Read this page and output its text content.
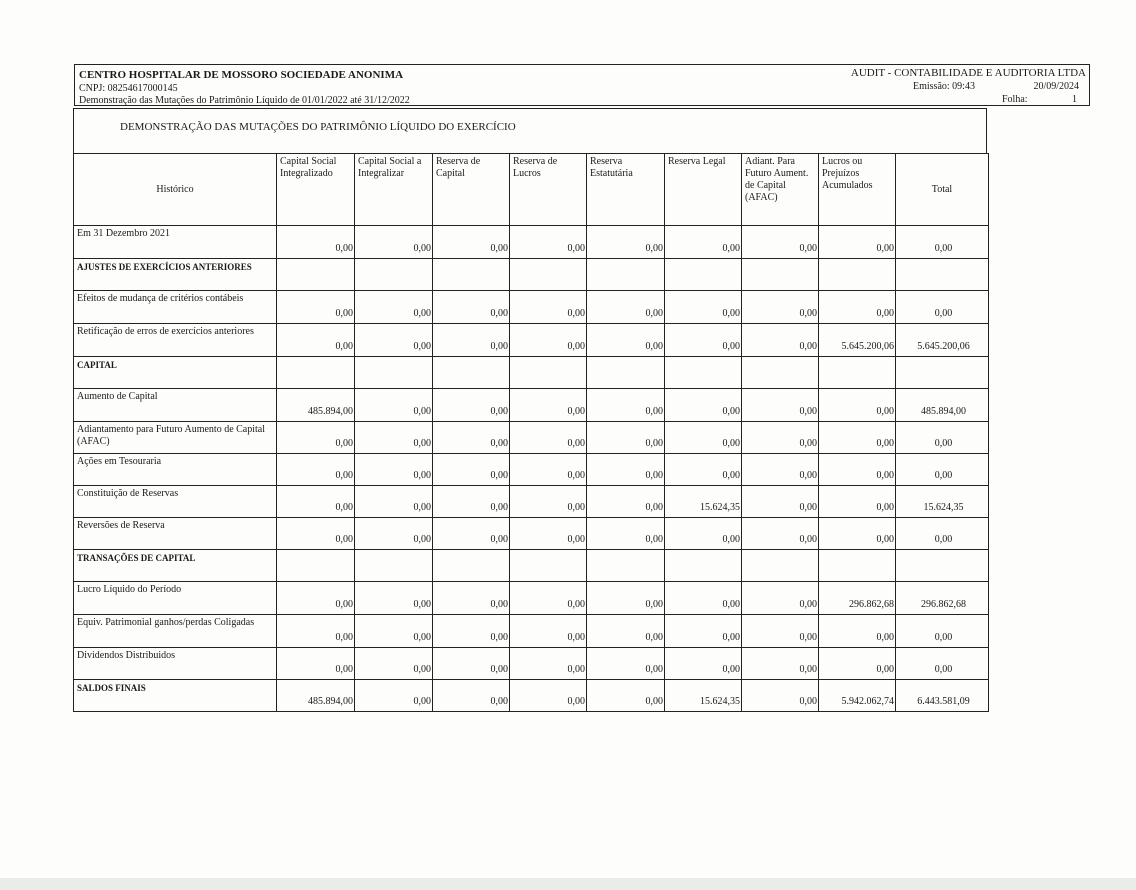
CENTRO HOSPITALAR DE MOSSORO SOCIEDADE ANONIMA
CNPJ: 08254617000145
Demonstração das Mutações do Patrimônio Líquido de 01/01/2022 até 31/12/2022
AUDIT - CONTABILIDADE E AUDITORIA LTDA
Emissão: 09:43	20/09/2024
Folha:	1
DEMONSTRAÇÃO DAS MUTAÇÕES DO PATRIMÔNIO LÍQUIDO DO EXERCÍCIO
Histórico	Capital Social Integralizado	Capital Social a Integralizar	Reserva de Capital	Reserva de Lucros	Reserva Estatutária	Reserva Legal	Adiant. Para Futuro Aument. de Capital (AFAC)	Lucros ou Prejuízos Acumulados	Total
Em 31 Dezembro 2021	0,00	0,00	0,00	0,00	0,00	0,00	0,00	0,00	0,00
AJUSTES DE EXERCÍCIOS ANTERIORES									
Efeitos de mudança de critérios contábeis	0,00	0,00	0,00	0,00	0,00	0,00	0,00	0,00	0,00
Retificação de erros de exercícios anteriores	0,00	0,00	0,00	0,00	0,00	0,00	0,00	5.645.200,06	5.645.200,06
CAPITAL									
Aumento de Capital	485.894,00	0,00	0,00	0,00	0,00	0,00	0,00	0,00	485.894,00
Adiantamento para Futuro Aumento de Capital (AFAC)	0,00	0,00	0,00	0,00	0,00	0,00	0,00	0,00	0,00
Ações em Tesouraria	0,00	0,00	0,00	0,00	0,00	0,00	0,00	0,00	0,00
Constituição de Reservas	0,00	0,00	0,00	0,00	0,00	15.624,35	0,00	0,00	15.624,35
Reversões de Reserva	0,00	0,00	0,00	0,00	0,00	0,00	0,00	0,00	0,00
TRANSAÇÕES DE CAPITAL									
Lucro Líquido do Período	0,00	0,00	0,00	0,00	0,00	0,00	0,00	296.862,68	296.862,68
Equiv. Patrimonial ganhos/perdas Coligadas	0,00	0,00	0,00	0,00	0,00	0,00	0,00	0,00	0,00
Dividendos Distribuidos	0,00	0,00	0,00	0,00	0,00	0,00	0,00	0,00	0,00
SALDOS FINAIS	485.894,00	0,00	0,00	0,00	0,00	15.624,35	0,00	5.942.062,74	6.443.581,09
